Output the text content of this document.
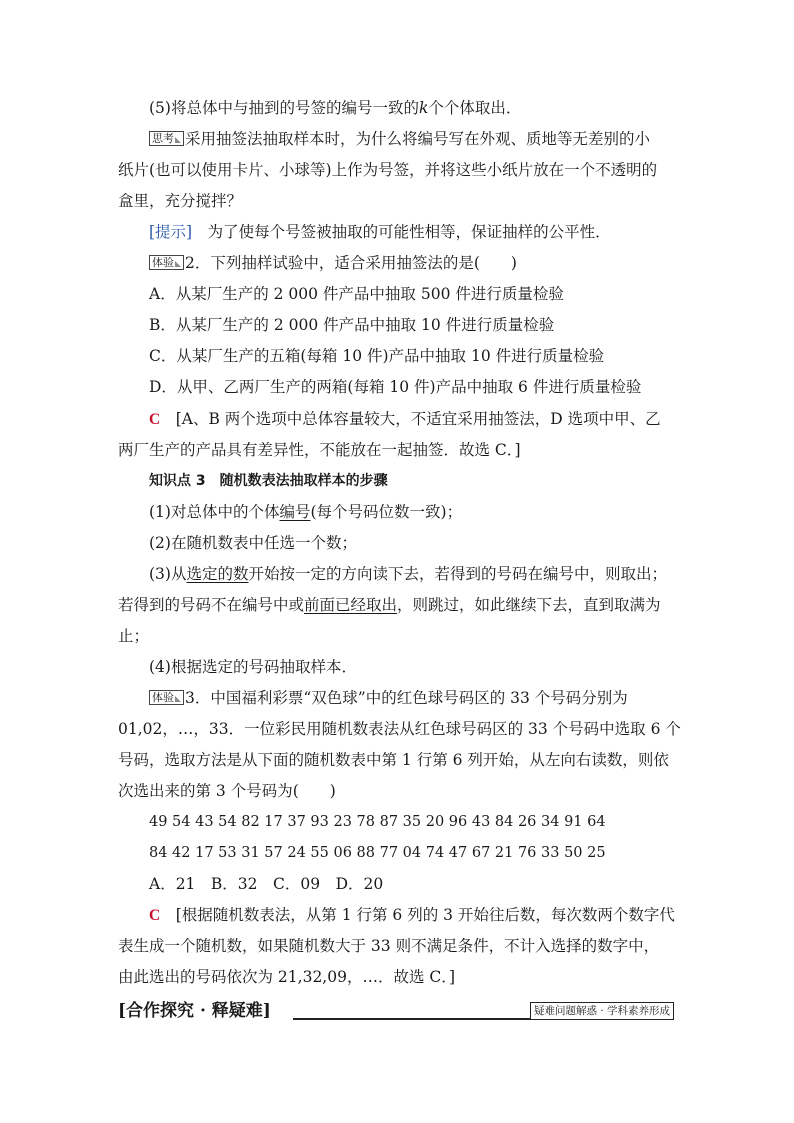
(5)将总体中与抽到的号签的编号一致的k个个体取出．
思考 采用抽签法抽取样本时，为什么将编号写在外观、质地等无差别的小
纸片(也可以使用卡片、小球等)上作为号签，并将这些小纸片放在一个不透明的
盒里，充分搅拌？
[提示]　 为了使每个号签被抽取的可能性相等，保证抽样的公平性．
体验 2．下列抽样试验中，适合采用抽签法的是(　　)
A．从某厂生产的 2 000 件产品中抽取 500 件进行质量检验
B．从某厂生产的 2 000 件产品中抽取 10 件进行质量检验
C．从某厂生产的五箱(每箱 10 件)产品中抽取 10 件进行质量检验
D．从甲、乙两厂生产的两箱(每箱 10 件)产品中抽取 6 件进行质量检验
C　 [A、B 两个选项中总体容量较大，不适宜采用抽签法，D 选项中甲、乙
两厂生产的产品具有差异性，不能放在一起抽签．故选 C．]
知识点 3　随机数表法抽取样本的步骤
(1)对总体中的个体编号(每个号码位数一致)；
(2)在随机数表中任选一个数；
(3)从选定的数开始按一定的方向读下去，若得到的号码在编号中，则取出；
若得到的号码不在编号中或前面已经取出，则跳过，如此继续下去，直到取满为
止；
(4)根据选定的号码抽取样本．
体验 3．中国福利彩票“双色球”中的红色球号码区的 33 个号码分别为
01,02，…，33．一位彩民用随机数表法从红色球号码区的 33 个号码中选取 6 个
号码，选取方法是从下面的随机数表中第 1 行第 6 列开始，从左向右读数，则依
次选出来的第 3 个号码为(　　)
49 54 43 54 82 17 37 93 23 78 87 35 20 96 43 84 26 34 91 64
84 42 17 53 31 57 24 55 06 88 77 04 74 47 67 21 76 33 50 25
A．21　B．32　C．09　D．20
C　 [根据随机数表法，从第 1 行第 6 列的 3 开始往后数，每次数两个数字代
表生成一个随机数，如果随机数大于 33 则不满足条件，不计入选择的数字中，
由此选出的号码依次为 21,32,09，…．故选 C．]
[合作探究 · 释疑难]	疑难问题解惑 · 学科素养形成
